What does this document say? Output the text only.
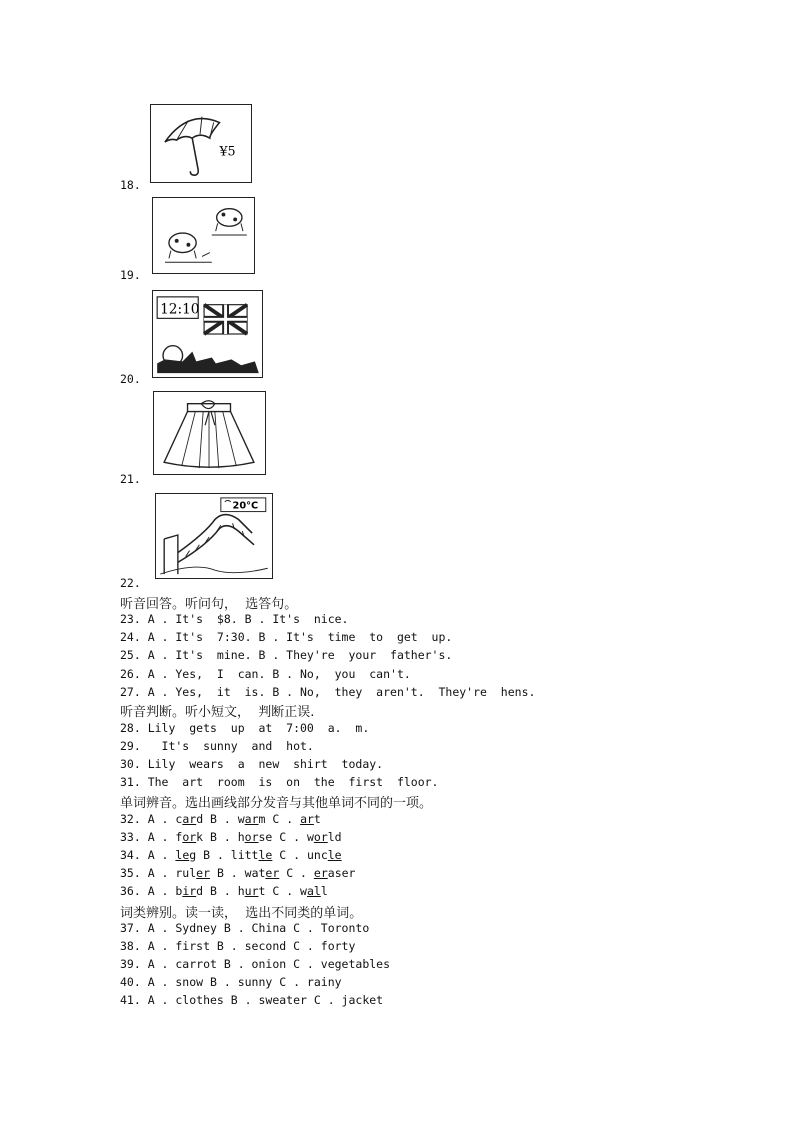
¥5
18.
19.
12:10
20.
21.
20°C
22.
听音回答。听问句，  选答句。
23. A . It's  $8. B . It's  nice.
24. A . It's  7:30. B . It's  time  to  get  up.
25. A . It's  mine. B . They're  your  father's.
26. A . Yes,  I  can. B . No,  you  can't.
27. A . Yes,  it  is. B . No,  they  aren't.  They're  hens.
听音判断。听小短文，  判断正误.
28. Lily  gets  up  at  7:00  a.  m.
29.   It's  sunny  and  hot.
30. Lily  wears  a  new  shirt  today.
31. The  art  room  is  on  the  first  floor.
单词辨音。选出画线部分发音与其他单词不同的一项。
32. A . card B . warm C . art
33. A . fork B . horse C . world
34. A . leg B . little C . uncle
35. A . ruler B . water C . eraser
36. A . bird B . hurt C . wall
词类辨别。读一读，  选出不同类的单词。
37. A . Sydney B . China C . Toronto
38. A . first B . second C . forty
39. A . carrot B . onion C . vegetables
40. A . snow B . sunny C . rainy
41. A . clothes B . sweater C . jacket
